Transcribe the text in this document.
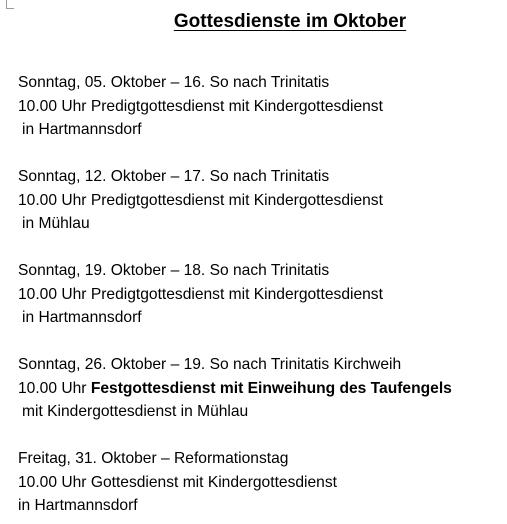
Gottesdienste im Oktober
Sonntag, 05. Oktober – 16. So nach Trinitatis
10.00 Uhr Predigtgottesdienst mit Kindergottesdienst
in Hartmannsdorf
Sonntag, 12. Oktober – 17. So nach Trinitatis
10.00 Uhr Predigtgottesdienst mit Kindergottesdienst
in Mühlau
Sonntag, 19. Oktober – 18. So nach Trinitatis
10.00 Uhr Predigtgottesdienst mit Kindergottesdienst
in Hartmannsdorf
Sonntag, 26. Oktober – 19. So nach Trinitatis Kirchweih
10.00 Uhr Festgottesdienst mit Einweihung des Taufengels
mit Kindergottesdienst in Mühlau
Freitag, 31. Oktober – Reformationstag
10.00 Uhr Gottesdienst mit Kindergottesdienst
in Hartmannsdorf
